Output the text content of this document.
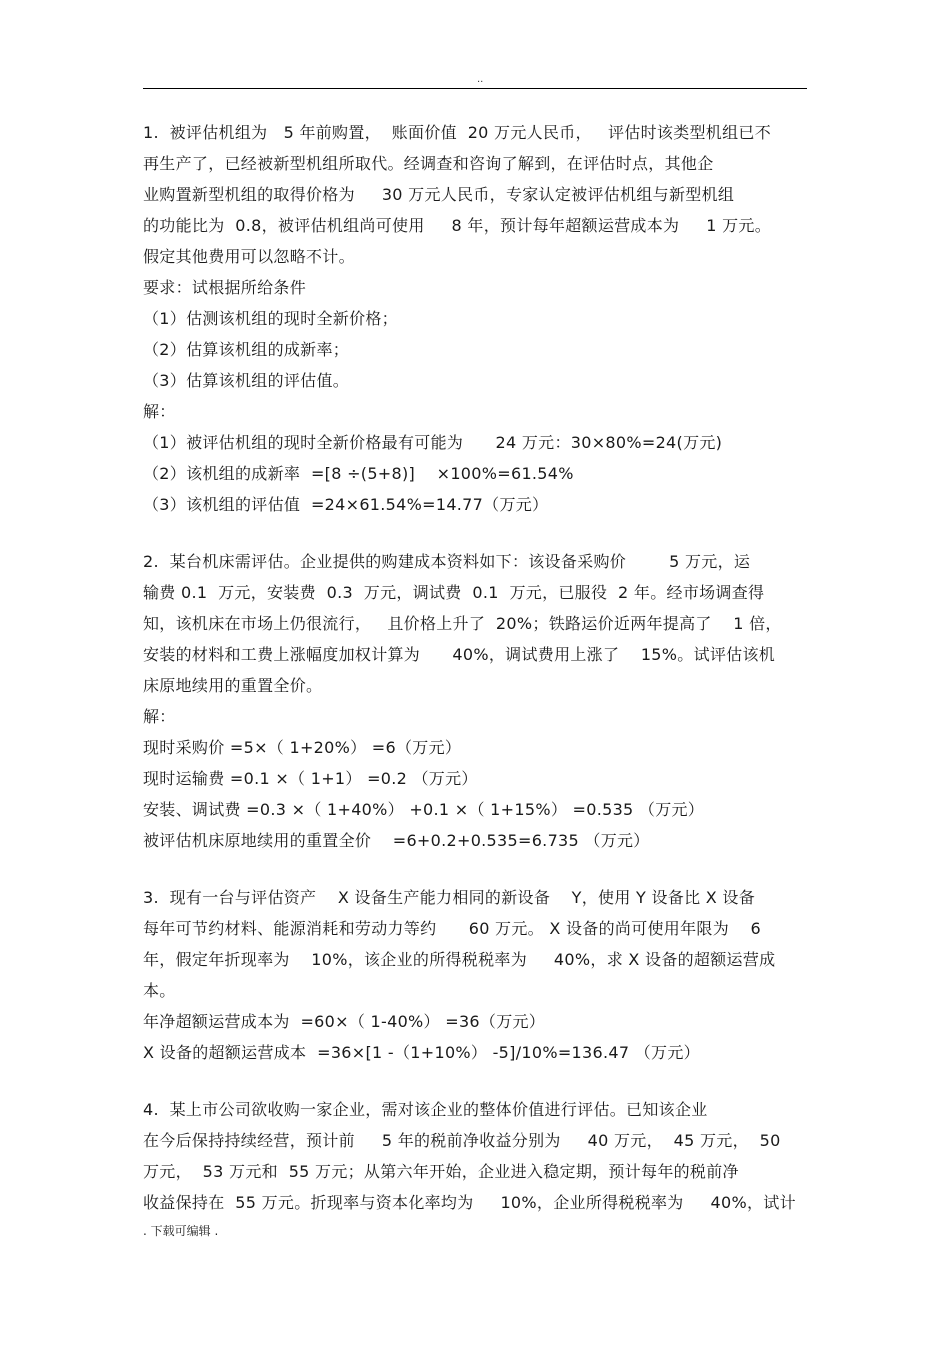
..
1.  被评估机组为   5 年前购置，  账面价值  20 万元人民币，   评估时该类型机组已不
再生产了，已经被新型机组所取代。经调查和咨询了解到，在评估时点，其他企
业购置新型机组的取得价格为     30 万元人民币，专家认定被评估机组与新型机组
的功能比为  0.8，被评估机组尚可使用     8 年，预计每年超额运营成本为     1 万元。
假定其他费用可以忽略不计。
要求：试根据所给条件
（1）估测该机组的现时全新价格；
（2）估算该机组的成新率；
（3）估算该机组的评估值。
解：
（1）被评估机组的现时全新价格最有可能为      24 万元：30×80%=24(万元)
（2）该机组的成新率  =[8 ÷(5+8)]    ×100%=61.54%
（3）该机组的评估值  =24×61.54%=14.77（万元）
2.  某台机床需评估。企业提供的购建成本资料如下：该设备采购价        5 万元，运
输费 0.1  万元，安装费  0.3  万元，调试费  0.1  万元，已服役  2 年。经市场调查得
知，该机床在市场上仍很流行，   且价格上升了  20%；铁路运价近两年提高了    1 倍，
安装的材料和工费上涨幅度加权计算为      40%，调试费用上涨了    15%。试评估该机
床原地续用的重置全价。
解：
现时采购价 =5×（ 1+20%） =6（万元）
现时运输费 =0.1 ×（ 1+1） =0.2 （万元）
安装、调试费 =0.3 ×（ 1+40%） +0.1 ×（ 1+15%） =0.535 （万元）
被评估机床原地续用的重置全价    =6+0.2+0.535=6.735 （万元）
3.  现有一台与评估资产    X 设备生产能力相同的新设备    Y，使用 Y 设备比 X 设备
每年可节约材料、能源消耗和劳动力等约      60 万元。 X 设备的尚可使用年限为    6
年，假定年折现率为    10%，该企业的所得税税率为     40%，求 X 设备的超额运营成
本。
年净超额运营成本为  =60×（ 1-40%） =36（万元）
X 设备的超额运营成本  =36×[1 -（1+10%） -5]/10%=136.47 （万元）
4.  某上市公司欲收购一家企业，需对该企业的整体价值进行评估。已知该企业
在今后保持持续经营，预计前     5 年的税前净收益分别为     40 万元，  45 万元，  50
万元，  53 万元和  55 万元；从第六年开始，企业进入稳定期，预计每年的税前净
收益保持在  55 万元。折现率与资本化率均为     10%，企业所得税税率为     40%，试计
. 下载可编辑 .
